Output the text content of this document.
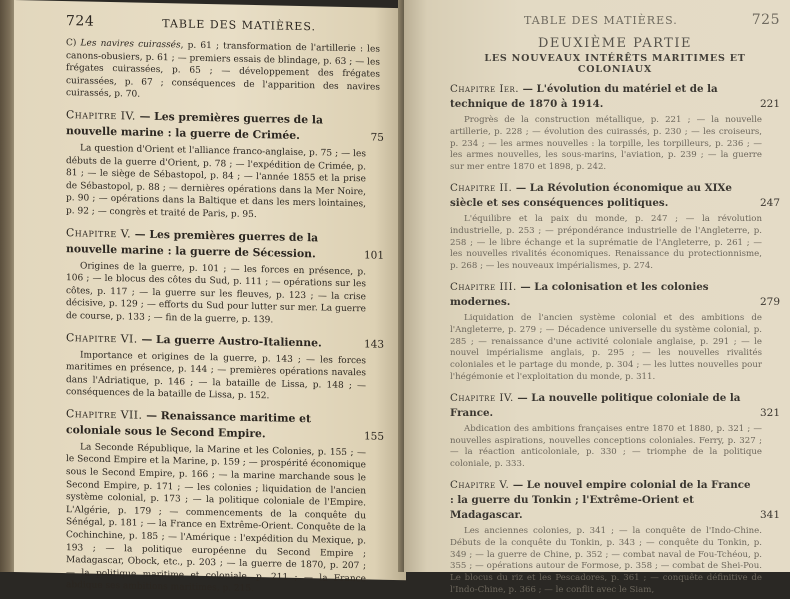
724	TABLE DES MATIÈRES.
C) Les navires cuirassés, p. 61 ; transformation de l'artillerie : les canons-obusiers, p. 61 ; — premiers essais de blindage, p. 63 ; — les frégates cuirassées, p. 65 ; — développement des frégates cuirassées, p. 67 ; conséquences de l'apparition des navires cuirassés, p. 70.
Chapitre IV. — Les premières guerres de la nouvelle marine : la guerre de Crimée.	75
La question d'Orient et l'alliance franco-anglaise, p. 75 ; — les débuts de la guerre d'Orient, p. 78 ; — l'expédition de Crimée, p. 81 ; — le siège de Sébastopol, p. 84 ; — l'année 1855 et la prise de Sébastopol, p. 88 ; — dernières opérations dans la Mer Noire, p. 90 ; — opérations dans la Baltique et dans les mers lointaines, p. 92 ; — congrès et traité de Paris, p. 95.
Chapitre V. — Les premières guerres de la nouvelle marine : la guerre de Sécession.	101
Origines de la guerre, p. 101 ; — les forces en présence, p. 106 ; — le blocus des côtes du Sud, p. 111 ; — opérations sur les côtes, p. 117 ; — la guerre sur les fleuves, p. 123 ; — la crise décisive, p. 129 ; — efforts du Sud pour lutter sur mer. La guerre de course, p. 133 ; — fin de la guerre, p. 139.
Chapitre VI. — La guerre Austro-Italienne.	143
Importance et origines de la guerre, p. 143 ; — les forces maritimes en présence, p. 144 ; — premières opérations navales dans l'Adriatique, p. 146 ; — la bataille de Lissa, p. 148 ; — conséquences de la bataille de Lissa, p. 152.
Chapitre VII. — Renaissance maritime et coloniale sous le Second Empire.	155
La Seconde République, la Marine et les Colonies, p. 155 ; — le Second Empire et la Marine, p. 159 ; — prospérité économique sous le Second Empire, p. 166 ; — la marine marchande sous le Second Empire, p. 171 ; — les colonies ; liquidation de l'ancien système colonial, p. 173 ; — la politique coloniale de l'Empire. L'Algérie, p. 179 ; — commencements de la conquête du Sénégal, p. 181 ; — la France en Extrême-Orient. Conquête de la Cochinchine, p. 185 ; — l'Amérique : l'expédition du Mexique, p. 193 ; — la politique européenne du Second Empire ; Madagascar, Obock, etc., p. 203 ; — la guerre de 1870, p. 207 ; — la politique maritime et coloniale, p. 211 ; — la France abdique ses ambitions maritimes, p. 215.
TABLE DES MATIÈRES.	725
DEUXIÈME PARTIE
LES NOUVEAUX INTÉRÊTS MARITIMES ET COLONIAUX
Chapitre Ier. — L'évolution du matériel et de la technique de 1870 à 1914.	221
Progrès de la construction métallique, p. 221 ; — la nouvelle artillerie, p. 228 ; — évolution des cuirassés, p. 230 ; — les croiseurs, p. 234 ; — les armes nouvelles : la torpille, les torpilleurs, p. 236 ; — les armes nouvelles, les sous-marins, l'aviation, p. 239 ; — la guerre sur mer entre 1870 et 1898, p. 242.
Chapitre II. — La Révolution économique au XIXe siècle et ses conséquences politiques.	247
L'équilibre et la paix du monde, p. 247 ; — la révolution industrielle, p. 253 ; — prépondérance industrielle de l'Angleterre, p. 258 ; — le libre échange et la suprématie de l'Angleterre, p. 261 ; — les nouvelles rivalités économiques. Renaissance du protectionnisme, p. 268 ; — les nouveaux impérialismes, p. 274.
Chapitre III. — La colonisation et les colonies modernes.	279
Liquidation de l'ancien système colonial et des ambitions de l'Angleterre, p. 279 ; — Décadence universelle du système colonial, p. 285 ; — renaissance d'une activité coloniale anglaise, p. 291 ; — le nouvel impérialisme anglais, p. 295 ; — les nouvelles rivalités coloniales et le partage du monde, p. 304 ; — les luttes nouvelles pour l'hégémonie et l'exploitation du monde, p. 311.
Chapitre IV. — La nouvelle politique coloniale de la France.	321
Abdication des ambitions françaises entre 1870 et 1880, p. 321 ; — nouvelles aspirations, nouvelles conceptions coloniales. Ferry, p. 327 ; — la réaction anticoloniale, p. 330 ; — triomphe de la politique coloniale, p. 333.
Chapitre V. — Le nouvel empire colonial de la France : la guerre du Tonkin ; l'Extrême-Orient et Madagascar.	341
Les anciennes colonies, p. 341 ; — la conquête de l'Indo-Chine. Débuts de la conquête du Tonkin, p. 343 ; — conquête du Tonkin, p. 349 ; — la guerre de Chine, p. 352 ; — combat naval de Fou-Tchéou, p. 355 ; — opérations autour de Formose, p. 358 ; — combat de Shei-Pou. Le blocus du riz et les Pescadores, p. 361 ; — conquête définitive de l'Indo-Chine, p. 366 ; — le conflit avec le Siam,
